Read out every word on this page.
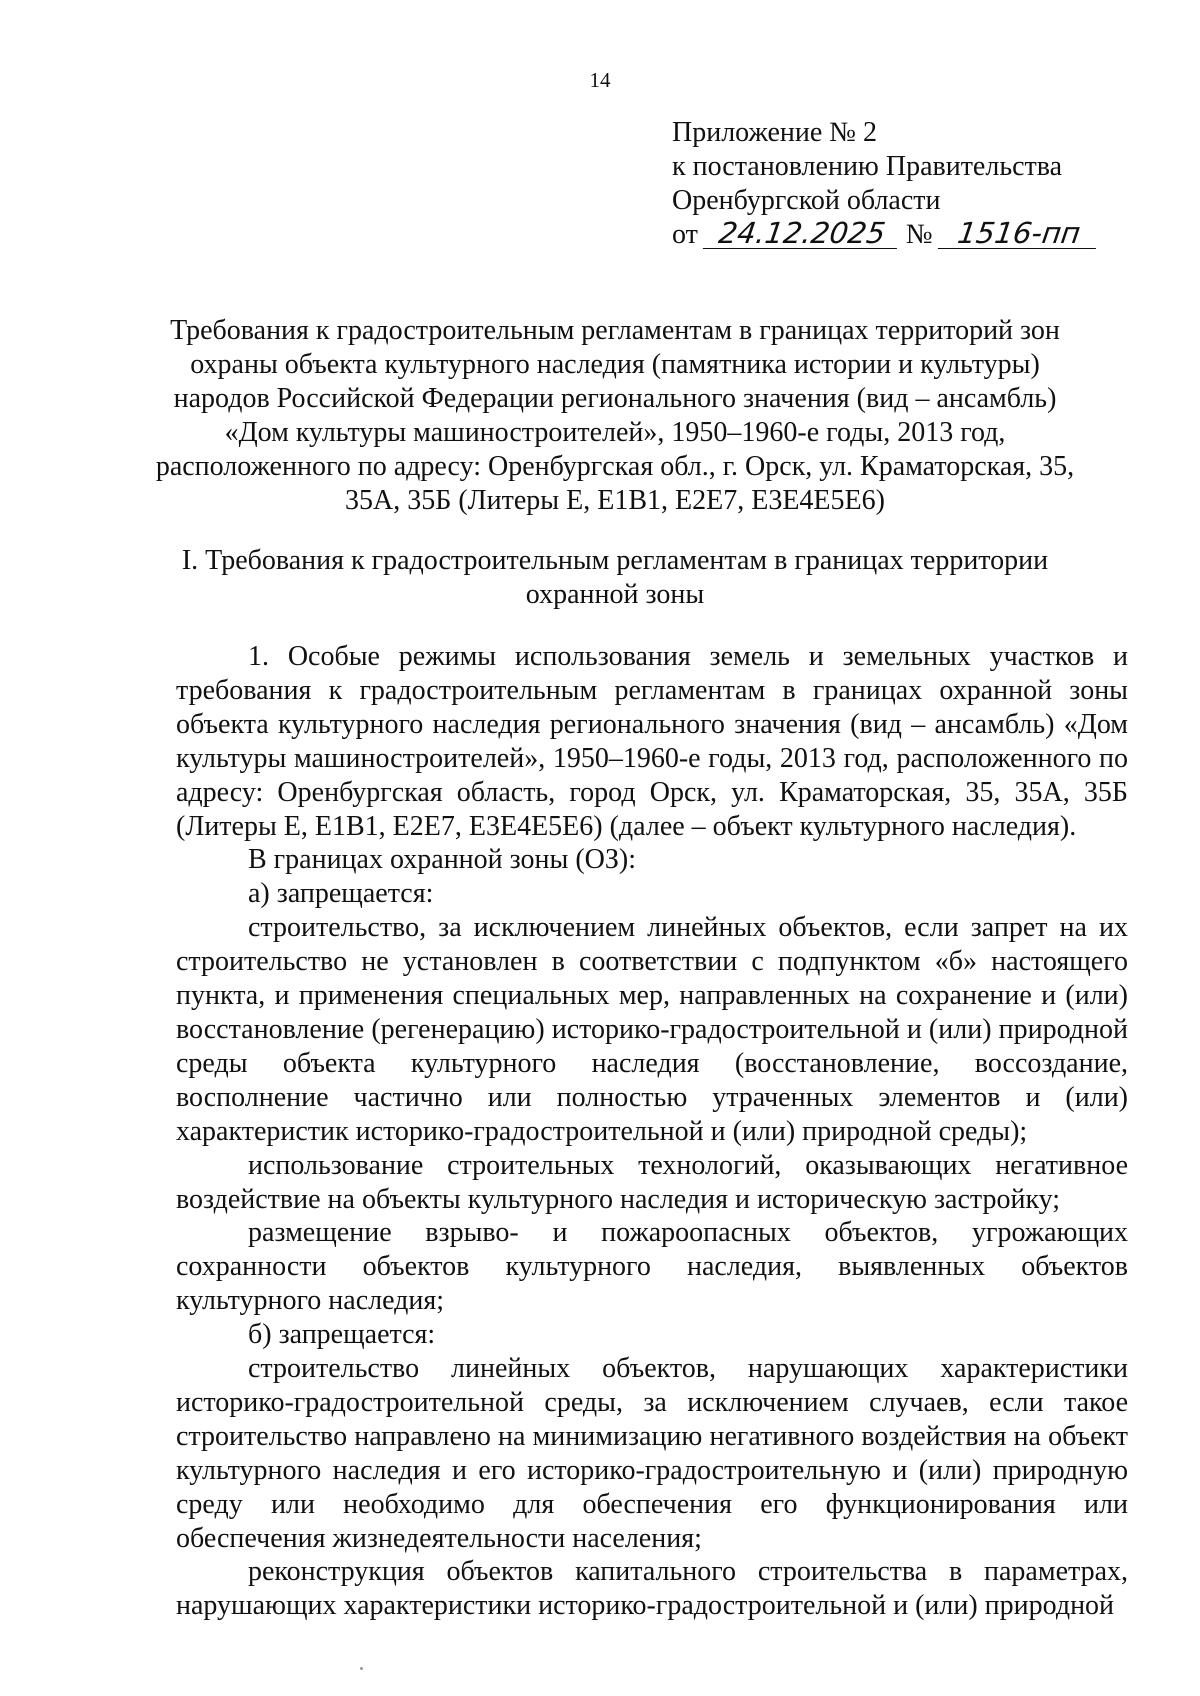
14
Приложение № 2
к постановлению Правительства
Оренбургской области
от 24.12.2025 № 1516-пп
Требования к градостроительным регламентам в границах территорий зон
охраны объекта культурного наследия (памятника истории и культуры)
народов Российской Федерации регионального значения (вид – ансамбль)
«Дом культуры машиностроителей», 1950–1960-е годы, 2013 год,
расположенного по адресу: Оренбургская обл., г. Орск, ул. Краматорская, 35,
35А, 35Б (Литеры Е, Е1В1, Е2Е7, Е3Е4Е5Е6)
I. Требования к градостроительным регламентам в границах территории
охранной зоны

1. Особые режимы использования земель и земельных участков и требования к градостроительным регламентам в границах охранной зоны объекта культурного наследия регионального значения (вид – ансамбль) «Дом культуры машиностроителей», 1950–1960-е годы, 2013 год, расположенного по адресу: Оренбургская область, город Орск, ул. Краматорская, 35, 35А, 35Б (Литеры Е, Е1В1, Е2Е7, Е3Е4Е5Е6) (далее – объект культурного наследия).

В границах охранной зоны (ОЗ):

а) запрещается:

строительство, за исключением линейных объектов, если запрет на их строительство не установлен в соответствии с подпунктом «б» настоящего пункта, и применения специальных мер, направленных на сохранение и (или) восстановление (регенерацию) историко-градостроительной и (или) природной среды объекта культурного наследия (восстановление, воссоздание, восполнение частично или полностью утраченных элементов и (или) характеристик историко-градостроительной и (или) природной среды);

использование строительных технологий, оказывающих негативное воздействие на объекты культурного наследия и историческую застройку;

размещение взрыво- и пожароопасных объектов, угрожающих сохранности объектов культурного наследия, выявленных объектов культурного наследия;

б) запрещается:

строительство линейных объектов, нарушающих характеристики историко-градостроительной среды, за исключением случаев, если такое строительство направлено на минимизацию негативного воздействия на объект культурного наследия и его историко-градостроительную и (или) природную среду или необходимо для обеспечения его функционирования или обеспечения жизнедеятельности населения;

реконструкция объектов капитального строительства в параметрах, нарушающих характеристики историко-градостроительной и (или) природной
